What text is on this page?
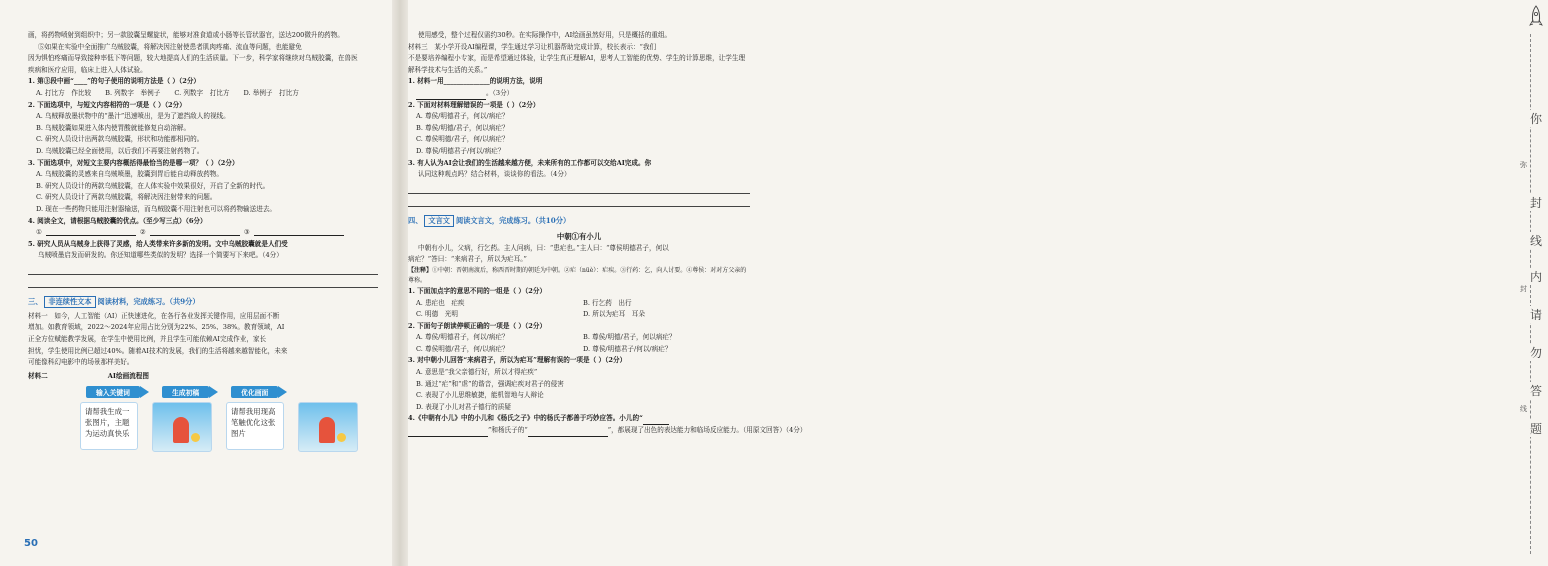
画，将药物喷射到组织中；另一款胶囊呈螺旋状，能够对准食道或小肠等长管状器官，送达200微升的药物。

⑤如果在实验中全面推广乌贼胶囊，将解决因注射使患者肌肉疼痛、流血等问题，也能避免

因为惧怕疼痛而导致接种率低下等问题，较大地提高人们的生活质量。下一步，科学家将继续对乌贼胶囊，在兽医

疾病和医疗应用，临床上进入人体试验。

1. 第③段中画“____”的句子使用的说明方法是（ ）（2分）

A. 打比方　作比较 B. 列数字　举例子 C. 列数字　打比方 D. 举例子　打比方

2. 下面选项中，与短文内容相符的一项是（ ）（2分）

A. 乌贼释放墨状物中的“墨汁”迅速喷出，是为了遮挡敌人的视线。

B. 乌贼胶囊如果进入体内使胃酸就能修复自动溶解。

C. 研究人员设计出两款乌贼胶囊，形状和功能都相同的。

D. 乌贼胶囊已经全面使用，以后我们不再要注射药物了。

3. 下面选项中，对短文主要内容概括得最恰当的是哪一项？（ ）（2分）

A. 乌贼胶囊的灵感来自乌贼喷墨，胶囊到胃后能自动释放药物。

B. 研究人员设计的两款乌贼胶囊，在人体实验中效果很好，开启了全新的时代。

C. 研究人员设计了两款乌贼胶囊，将解决因注射带来的问题。

D. 现在一些药物只能用注射器输送，而乌贼胶囊不用注射也可以将药物输送进去。

4. 阅读全文，请根据乌贼胶囊的优点。（至少写三点）（6分）

①	②	③

5. 研究人员从乌贼身上获得了灵感，给人类带来许多新的发明。文中乌贼胶囊就是人们受

乌贼喷墨启发而研发的。你还知道哪些类似的发明？选择一个简要写下来吧。（4分）

三、 非连续性文本 阅读材料，完成练习。（共9分）

材料一　如今，人工智能（AI）正快速进化，在各行各业发挥关键作用，应用层面不断

增加。如教育领域，2022～2024年应用占比分别为22%、25%、38%。教育领域，AI

正全方位赋能教学发展，在学生中使用比例，并且学生可能依赖AI完成作业，家长

担忧，学生使用比例已超过40%。随着AI技术的发展，我们的生活将越来越智能化，未来

可能像科幻电影中的场景那样美好。

材料二	AI绘画流程图
输入关键词	生成初稿	优化画面
请帮我生成一张图片，主题为运动真快乐
请帮我用现高笔触优化这张图片
50

使用感受，整个过程仅需约30秒。在实际操作中，AI绘画虽然好用，只是概括的重组。

材料三　某小学开设AI编程课，学生通过学习让机器帮助完成计算，校长表示：“我们

不是要培养编程小专家，而是希望通过体验，让学生真正理解AI，思考人工智能的优势、学生的计算思维，让学生理解科学技术与生活的关系。”

1. 材料一用______________的说明方法，说明

。（3分）

2. 下面对材料理解错误的一项是（ ）（2分）

A. 尊侯/明德君子，何以/病疟？

B. 尊侯/明德/君子，何以病疟？

C. 尊侯明德/君子，何/以病疟？

D. 尊侯/明德君子/何以/病疟？

3. 有人认为AI会让我们的生活越来越方便，未来所有的工作都可以交给AI完成。你

认同这种观点吗？结合材料，谈谈你的看法。（4分）

四、 文言文 阅读文言文，完成练习。（共10分）

中朝①有小儿

中朝有小儿，父病，行乞药。主人问病，曰：“患疟也。”主人曰：“尊侯明德君子，何以

病疟？”答曰：“来病君子，所以为疟耳。”

【注释】①中朝：晋朝南渡后，称西晋时期的朝廷为中朝。②疟（nüè）：疟疾。③行药：乞，向人讨要。④尊侯：对对方父亲的尊称。

1. 下面加点字的意思不同的一组是（ ）（2分）

A. 患疟也　疟疾	B. 行乞药　出行
C. 明德　光明	D. 所以为疟耳　耳朵

2. 下面句子朗读停顿正确的一项是（ ）（2分）

A. 尊侯/明德君子，何以/病疟？	B. 尊侯/明德/君子，何以病疟？
C. 尊侯明德/君子，何/以病疟？	D. 尊侯/明德君子/何以/病疟？

3. 对中朝小儿回答“来病君子，所以为疟耳”理解有误的一项是（ ）（2分）

A. 意思是“我父亲德行好，所以才得疟疾”

B. 通过“疟”和“虐”的谐音，强调疟疾对君子的侵害

C. 表现了小儿思维敏捷，能机智地与人辩论

D. 表现了小儿对君子德行的质疑

4.《中朝有小儿》中的小儿和《杨氏之子》中的杨氏子都善于巧妙应答。小儿的“

”和杨氏子的“	”，都展现了出色的表达能力和临场反应能力。（用原文回答）（4分）

你
弥
封
线
内
封
请
勿
线
答
题
